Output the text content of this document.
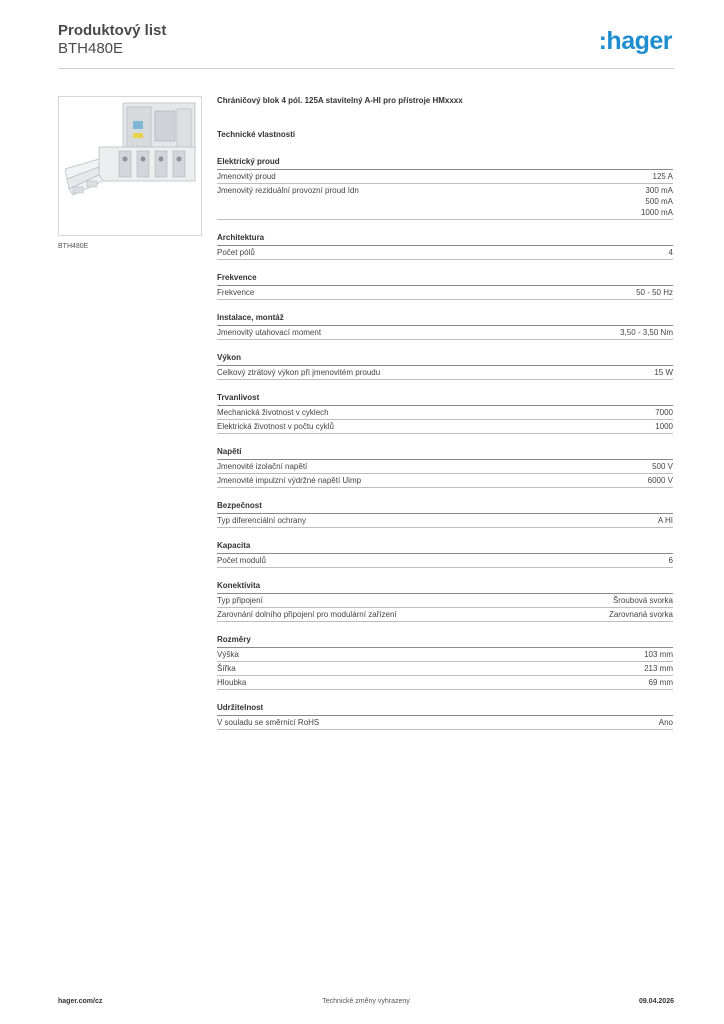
Produktový list
BTH480E	:hager
BTH480E
Chráničový blok 4 pól. 125A stavitelný A-HI pro přístroje HMxxxx
Technické vlastnosti
Elektrický proud
Jmenovitý proud	125 A
Jmenovitý reziduální provozní proud Idn	300 mA
500 mA
1000 mA
Architektura
Počet pólů	4
Frekvence
Frekvence	50 - 50 Hz
Instalace, montáž
Jmenovitý utahovací moment	3,50 - 3,50 Nm
Výkon
Celkový ztrátový výkon při jmenovitém proudu	15 W
Trvanlivost
Mechanická životnost v cyklech	7000
Elektrická životnost v počtu cyklů	1000
Napětí
Jmenovité izolační napětí	500 V
Jmenovité impulzní výdržné napětí Uimp	6000 V
Bezpečnost
Typ diferenciální ochrany	A HI
Kapacita
Počet modulů	6
Konektivita
Typ připojení	Šroubová svorka
Zarovnání dolního připojení pro modulární zařízení	Zarovnaná svorka
Rozměry
Výška	103 mm
Šířka	213 mm
Hloubka	69 mm
Udržitelnost
V souladu se směrnicí RoHS	Ano
Technické změny vyhrazeny
hager.com/cz	09.04.2026
